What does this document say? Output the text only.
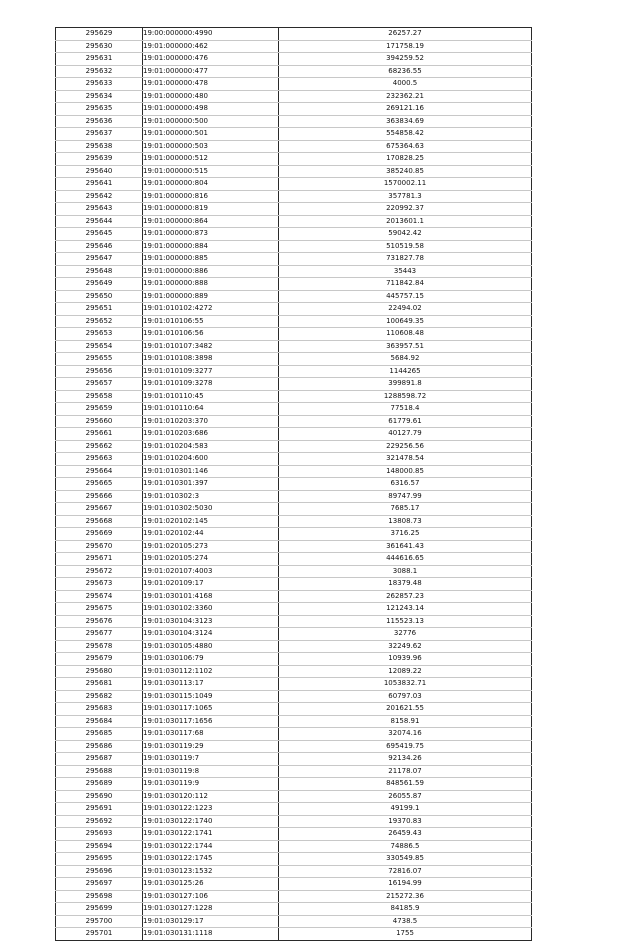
295629	19:00:000000:4990	26257.27
295630	19:01:000000:462	171758.19
295631	19:01:000000:476	394259.52
295632	19:01:000000:477	68236.55
295633	19:01:000000:478	4000.5
295634	19:01:000000:480	232362.21
295635	19:01:000000:498	269121.16
295636	19:01:000000:500	363834.69
295637	19:01:000000:501	554858.42
295638	19:01:000000:503	675364.63
295639	19:01:000000:512	170828.25
295640	19:01:000000:515	385240.85
295641	19:01:000000:804	1570002.11
295642	19:01:000000:816	357781.3
295643	19:01:000000:819	220992.37
295644	19:01:000000:864	2013601.1
295645	19:01:000000:873	59042.42
295646	19:01:000000:884	510519.58
295647	19:01:000000:885	731827.78
295648	19:01:000000:886	35443
295649	19:01:000000:888	711842.84
295650	19:01:000000:889	445757.15
295651	19:01:010102:4272	22494.02
295652	19:01:010106:55	100649.35
295653	19:01:010106:56	110608.48
295654	19:01:010107:3482	363957.51
295655	19:01:010108:3898	5684.92
295656	19:01:010109:3277	1144265
295657	19:01:010109:3278	399891.8
295658	19:01:010110:45	1288598.72
295659	19:01:010110:64	77518.4
295660	19:01:010203:370	61779.61
295661	19:01:010203:686	40127.79
295662	19:01:010204:583	229256.56
295663	19:01:010204:600	321478.54
295664	19:01:010301:146	148000.85
295665	19:01:010301:397	6316.57
295666	19:01:010302:3	89747.99
295667	19:01:010302:5030	7685.17
295668	19:01:020102:145	13808.73
295669	19:01:020102:44	3716.25
295670	19:01:020105:273	361641.43
295671	19:01:020105:274	444616.65
295672	19:01:020107:4003	3088.1
295673	19:01:020109:17	18379.48
295674	19:01:030101:4168	262857.23
295675	19:01:030102:3360	121243.14
295676	19:01:030104:3123	115523.13
295677	19:01:030104:3124	32776
295678	19:01:030105:4880	32249.62
295679	19:01:030106:79	10939.96
295680	19:01:030112:1102	12089.22
295681	19:01:030113:17	1053832.71
295682	19:01:030115:1049	60797.03
295683	19:01:030117:1065	201621.55
295684	19:01:030117:1656	8158.91
295685	19:01:030117:68	32074.16
295686	19:01:030119:29	695419.75
295687	19:01:030119:7	92134.26
295688	19:01:030119:8	21178.07
295689	19:01:030119:9	848561.59
295690	19:01:030120:112	26055.87
295691	19:01:030122:1223	49199.1
295692	19:01:030122:1740	19370.83
295693	19:01:030122:1741	26459.43
295694	19:01:030122:1744	74886.5
295695	19:01:030122:1745	330549.85
295696	19:01:030123:1532	72816.07
295697	19:01:030125:26	16194.99
295698	19:01:030127:106	215272.36
295699	19:01:030127:1228	84185.9
295700	19:01:030129:17	4738.5
295701	19:01:030131:1118	1755
